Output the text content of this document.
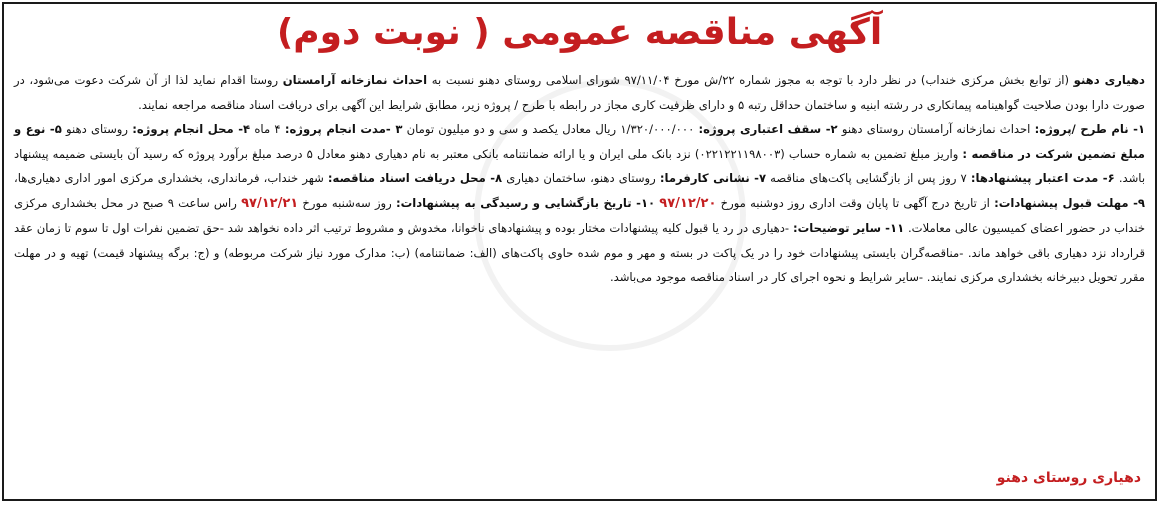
آگهی مناقصه عمومی ( نوبت دوم)

دهیاری دهنو (از توابع بخش مرکزی خنداب) در نظر دارد با توجه به مجوز شماره ۲۲/ش مورخ ۹۷/۱۱/۰۴ شورای اسلامی روستای دهنو نسبت به احداث نمازخانه آرامستان روستا اقدام نماید لذا از آن شرکت دعوت می‌شود، در صورت دارا بودن صلاحیت گواهینامه پیمانکاری در رشته ابنیه و ساختمان حداقل رتبه ۵ و دارای ظرفیت کاری مجاز در رابطه با طرح / پروژه زیر، مطابق شرایط این آگهی برای دریافت اسناد مناقصه مراجعه نمایند.

۱- نام طرح /پروژه: احداث نمازخانه آرامستان روستای دهنو ۲- سقف اعتباری پروژه: ۱/۳۲۰/۰۰۰/۰۰۰ ریال معادل یکصد و سی و دو میلیون تومان ۳ -مدت انجام پروژه: ۴ ماه ۴- محل انجام پروژه: روستای دهنو ۵- نوع و مبلغ تضمین شرکت در مناقصه : واریز مبلغ تضمین به شماره حساب (۰۲۲۱۲۲۱۱۹۸۰۰۳) نزد بانک ملی ایران و یا ارائه ضمانتنامه بانکی معتبر به نام دهیاری دهنو معادل ۵ درصد مبلغ برآورد پروژه که رسید آن بایستی ضمیمه پیشنهاد باشد. ۶- مدت اعتبار پیشنهادها: ۷ روز پس از بازگشایی پاکت‌های مناقصه ۷- نشانی کارفرما: روستای دهنو، ساختمان دهیاری ۸- محل دریافت اسناد مناقصه: شهر خنداب، فرمانداری، بخشداری مرکزی امور اداری دهیاری‌ها، ۹- مهلت قبول پیشنهادات: از تاریخ درج آگهی تا پایان وقت اداری روز دوشنبه مورخ ۹۷/۱۲/۲۰ ۱۰- تاریخ بازگشایی و رسیدگی به پیشنهادات: روز سه‌شنبه مورخ ۹۷/۱۲/۲۱ راس ساعت ۹ صبح در محل بخشداری مرکزی خنداب در حضور اعضای کمیسیون عالی معاملات. ۱۱- سایر توضیحات: -دهیاری در رد یا قبول کلیه پیشنهادات مختار بوده و پیشنهادهای ناخوانا، مخدوش و مشروط ترتیب اثر داده نخواهد شد -حق تضمین نفرات اول تا سوم تا زمان عقد قرارداد نزد دهیاری باقی خواهد ماند. -مناقصه‌گران بایستی پیشنهادات خود را در یک پاکت در بسته و مهر و موم شده حاوی پاکت‌های (الف: ضمانتنامه) (ب: مدارک مورد نیاز شرکت مربوطه) و (ج: برگه پیشنهاد قیمت) تهیه و در مهلت مقرر تحویل دبیرخانه بخشداری مرکزی نمایند. -سایر شرایط و نحوه اجرای کار در اسناد مناقصه موجود می‌باشد.

دهیاری روستای دهنو
